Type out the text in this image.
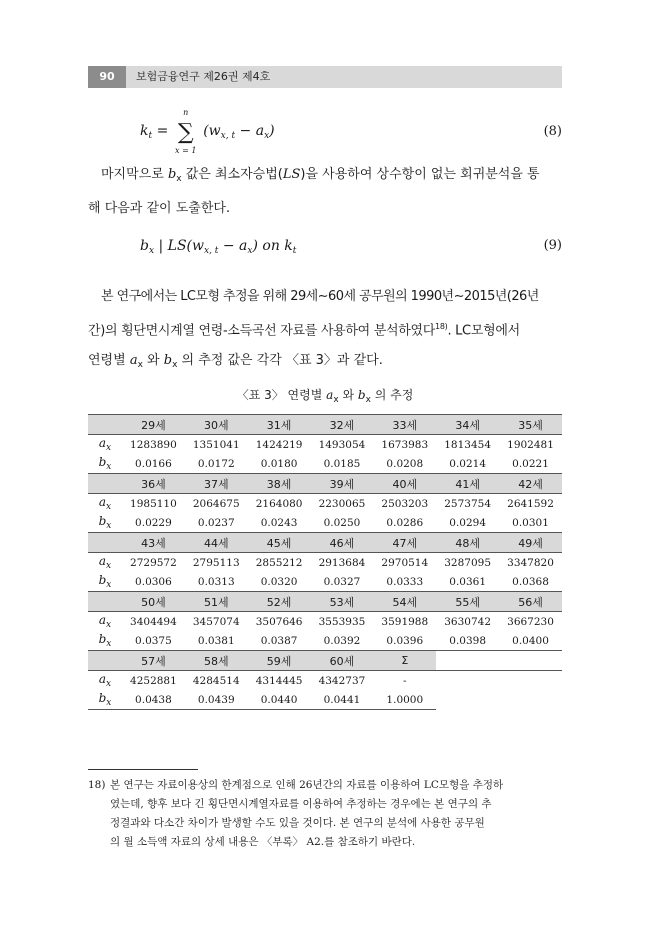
90	보험금융연구 제26권 제4호
$k_t$ = ∑
n
x = 1
$(w_{x, t} - a_x)$	(8)
마지막으로 $b_x$ 값은 최소자승법(LS)을 사용하여 상수항이 없는 회귀분석을 통
해 다음과 같이 도출한다.
$b_x$ | $LS(w_{x, t} - a_x)$ on $k_t$	(9)
본 연구에서는 LC모형 추정을 위해 29세∼60세 공무원의 1990년∼2015년(26년
간)의 횡단면시계열 연령-소득곡선 자료를 사용하여 분석하였다$^{18)}$. LC모형에서
연령별 $a_x$ 와 $b_x$ 의 추정 값은 각각 〈표 3〉과 같다.
〈표 3〉 연령별 $a_x$ 와 $b_x$ 의 추정
	29세	30세	31세	32세	33세	34세	35세
$a_x$	1283890	1351041	1424219	1493054	1673983	1813454	1902481
$b_x$	0.0166	0.0172	0.0180	0.0185	0.0208	0.0214	0.0221
	36세	37세	38세	39세	40세	41세	42세
$a_x$	1985110	2064675	2164080	2230065	2503203	2573754	2641592
$b_x$	0.0229	0.0237	0.0243	0.0250	0.0286	0.0294	0.0301
	43세	44세	45세	46세	47세	48세	49세
$a_x$	2729572	2795113	2855212	2913684	2970514	3287095	3347820
$b_x$	0.0306	0.0313	0.0320	0.0327	0.0333	0.0361	0.0368
	50세	51세	52세	53세	54세	55세	56세
$a_x$	3404494	3457074	3507646	3553935	3591988	3630742	3667230
$b_x$	0.0375	0.0381	0.0387	0.0392	0.0396	0.0398	0.0400
	57세	58세	59세	60세	Σ		
$a_x$	4252881	4284514	4314445	4342737	-		
$b_x$	0.0438	0.0439	0.0440	0.0441	1.0000		
18) 본 연구는 자료이용상의 한계점으로 인해 26년간의 자료를 이용하여 LC모형을 추정하
였는데, 향후 보다 긴 횡단면시계열자료를 이용하여 추정하는 경우에는 본 연구의 추
정결과와 다소간 차이가 발생할 수도 있을 것이다. 본 연구의 분석에 사용한 공무원
의 월 소득액 자료의 상세 내용은 〈부록〉 A2.를 참조하기 바란다.
